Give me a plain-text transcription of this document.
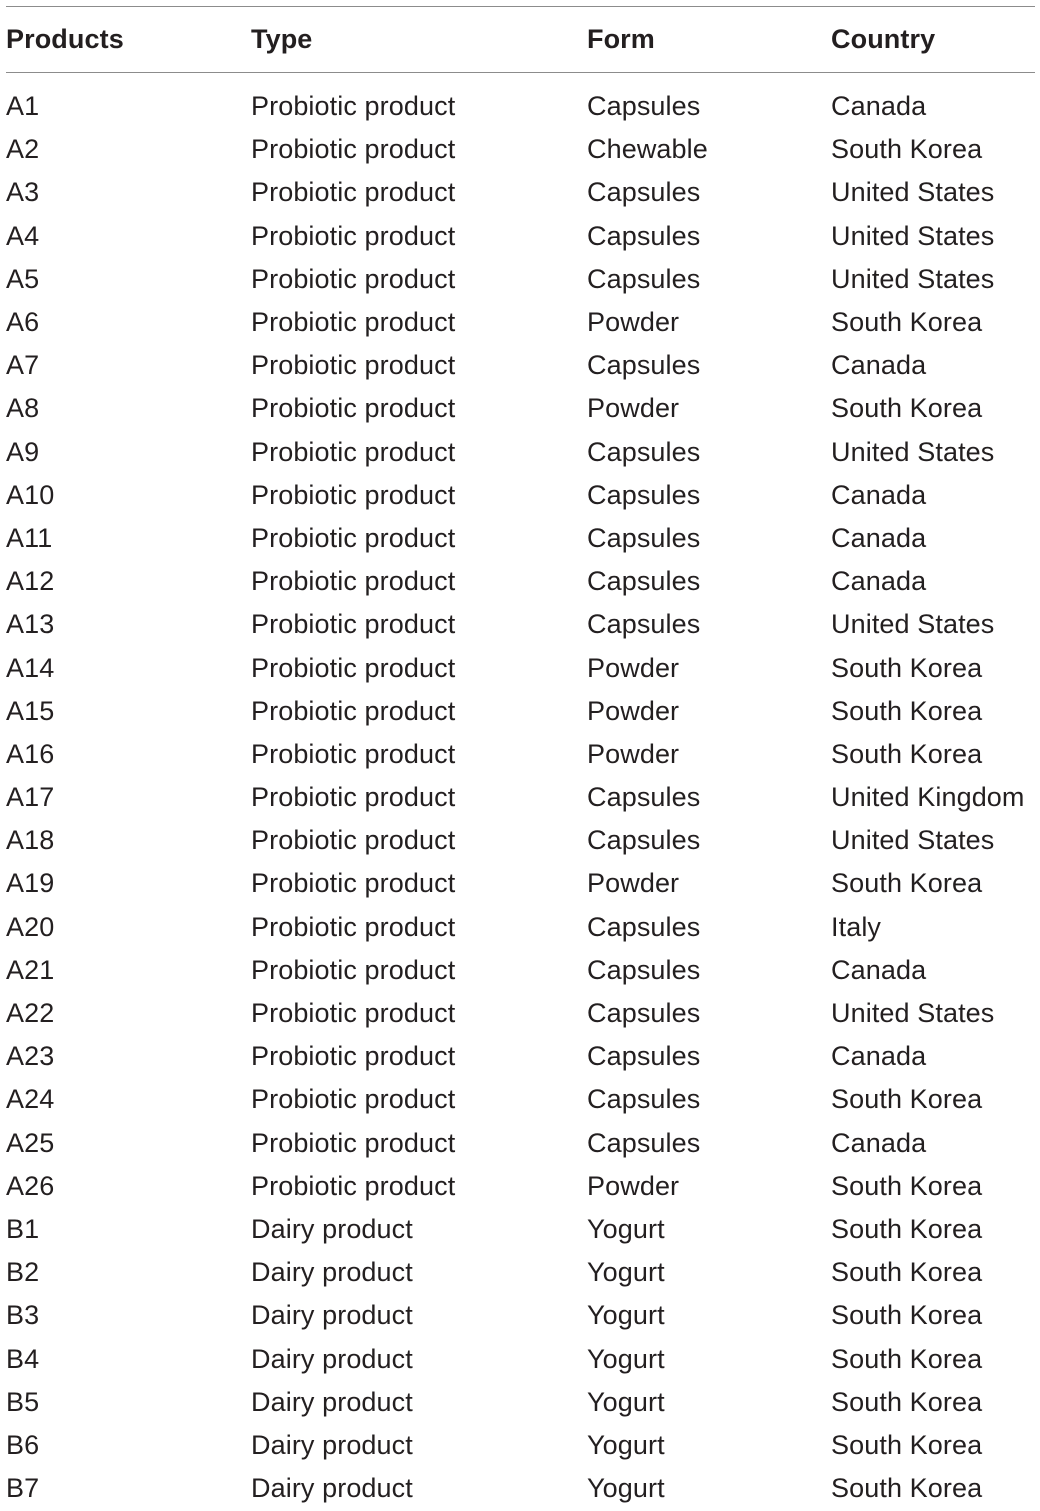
Products	Type	Form	Country

A1	Probiotic product	Capsules	Canada
A2	Probiotic product	Chewable	South Korea
A3	Probiotic product	Capsules	United States
A4	Probiotic product	Capsules	United States
A5	Probiotic product	Capsules	United States
A6	Probiotic product	Powder	South Korea
A7	Probiotic product	Capsules	Canada
A8	Probiotic product	Powder	South Korea
A9	Probiotic product	Capsules	United States
A10	Probiotic product	Capsules	Canada
A11	Probiotic product	Capsules	Canada
A12	Probiotic product	Capsules	Canada
A13	Probiotic product	Capsules	United States
A14	Probiotic product	Powder	South Korea
A15	Probiotic product	Powder	South Korea
A16	Probiotic product	Powder	South Korea
A17	Probiotic product	Capsules	United Kingdom
A18	Probiotic product	Capsules	United States
A19	Probiotic product	Powder	South Korea
A20	Probiotic product	Capsules	Italy
A21	Probiotic product	Capsules	Canada
A22	Probiotic product	Capsules	United States
A23	Probiotic product	Capsules	Canada
A24	Probiotic product	Capsules	South Korea
A25	Probiotic product	Capsules	Canada
A26	Probiotic product	Powder	South Korea
B1	Dairy product	Yogurt	South Korea
B2	Dairy product	Yogurt	South Korea
B3	Dairy product	Yogurt	South Korea
B4	Dairy product	Yogurt	South Korea
B5	Dairy product	Yogurt	South Korea
B6	Dairy product	Yogurt	South Korea
B7	Dairy product	Yogurt	South Korea
